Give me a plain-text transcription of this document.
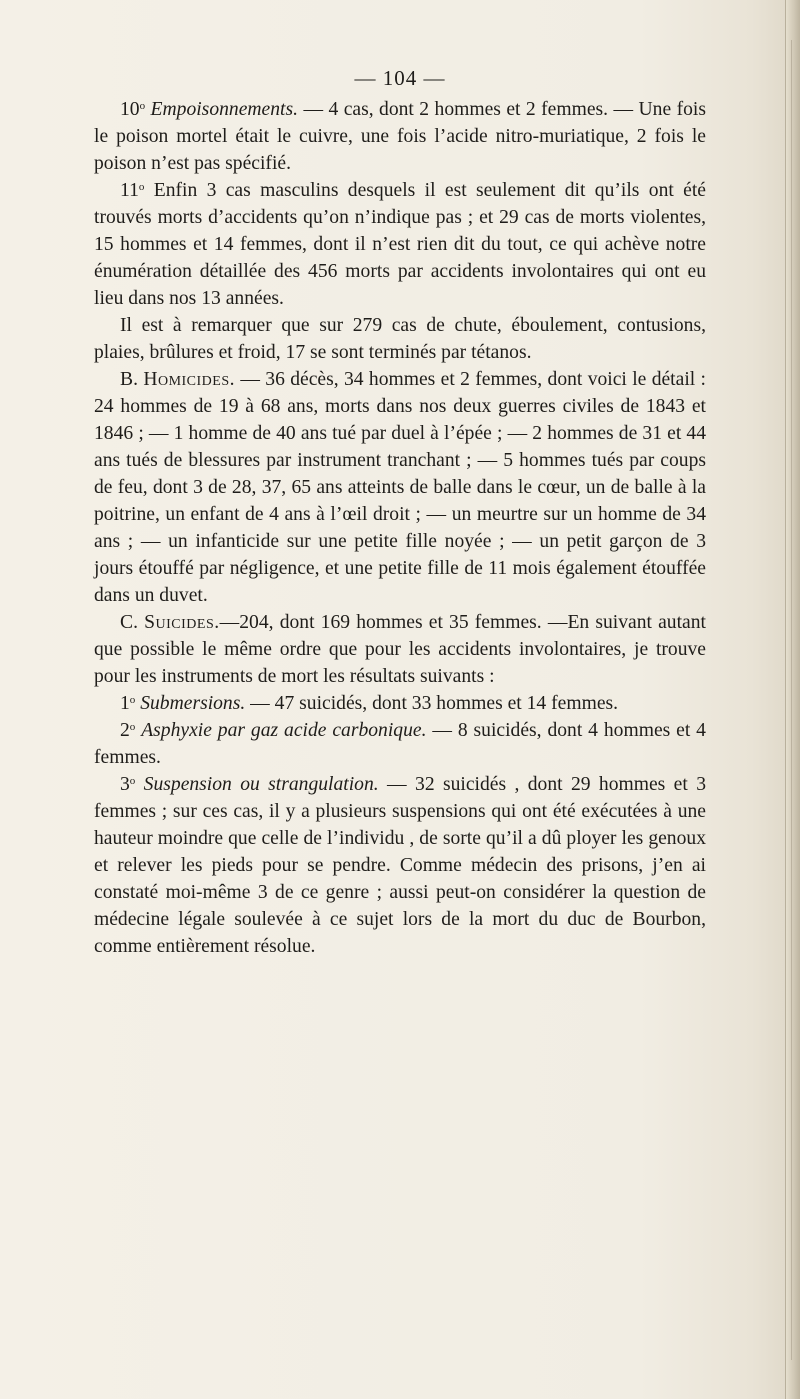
— 104 —

10$^o$ Empoisonnements. — 4 cas, dont 2 hommes et 2 femmes. — Une fois le poison mortel était le cuivre, une fois l’acide nitro-muriatique, 2 fois le poison n’est pas spécifié.

11$^o$ Enfin 3 cas masculins desquels il est seulement dit qu’ils ont été trouvés morts d’accidents qu’on n’indique pas ; et 29 cas de morts violentes, 15 hommes et 14 femmes, dont il n’est rien dit du tout, ce qui achève notre énumération détaillée des 456 morts par accidents involontaires qui ont eu lieu dans nos 13 années.

Il est à remarquer que sur 279 cas de chute, éboulement, contusions, plaies, brûlures et froid, 17 se sont terminés par tétanos.

B. Homicides. — 36 décès, 34 hommes et 2 femmes, dont voici le détail : 24 hommes de 19 à 68 ans, morts dans nos deux guerres civiles de 1843 et 1846 ; — 1 homme de 40 ans tué par duel à l’épée ; — 2 hommes de 31 et 44 ans tués de blessures par instrument tranchant ; — 5 hommes tués par coups de feu, dont 3 de 28, 37, 65 ans atteints de balle dans le cœur, un de balle à la poitrine, un enfant de 4 ans à l’œil droit ; — un meurtre sur un homme de 34 ans ; — un infanticide sur une petite fille noyée ; — un petit garçon de 3 jours étouffé par négligence, et une petite fille de 11 mois également étouffée dans un duvet.

C. Suicides.—204, dont 169 hommes et 35 femmes. —En suivant autant que possible le même ordre que pour les accidents involontaires, je trouve pour les instruments de mort les résultats suivants :

1$^o$ Submersions. — 47 suicidés, dont 33 hommes et 14 femmes.

2$^o$ Asphyxie par gaz acide carbonique. — 8 suicidés, dont 4 hommes et 4 femmes.

3$^o$ Suspension ou strangulation. — 32 suicidés , dont 29 hommes et 3 femmes ; sur ces cas, il y a plusieurs suspensions qui ont été exécutées à une hauteur moindre que celle de l’individu , de sorte qu’il a dû ployer les genoux et relever les pieds pour se pendre. Comme médecin des prisons, j’en ai constaté moi-même 3 de ce genre ; aussi peut-on considérer la question de médecine légale soulevée à ce sujet lors de la mort du duc de Bourbon, comme entièrement résolue.
